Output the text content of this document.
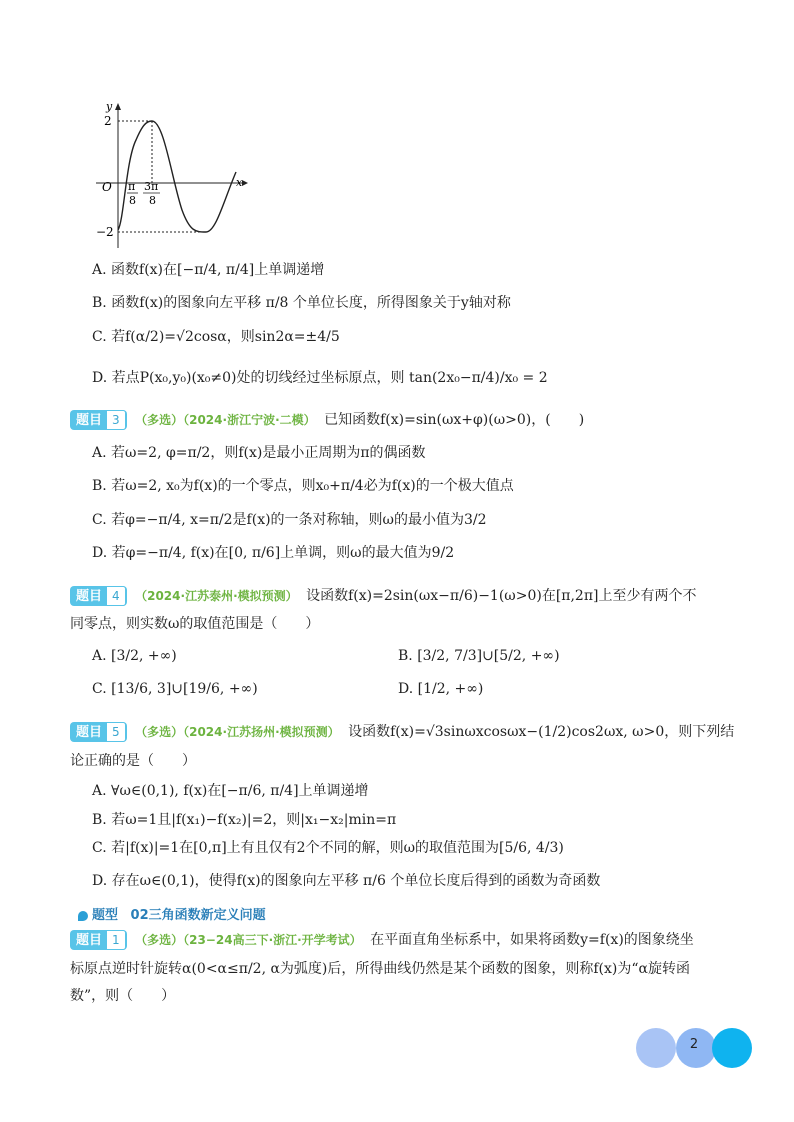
y
x
O
2
−2
π
8
3π
8
A. 函数f(x)在[−π/4, π/4]上单调递增
B. 函数f(x)的图象向左平移 π/8 个单位长度，所得图象关于y轴对称
C. 若f(α/2)=√2cosα，则sin2α=±4/5
D. 若点P(x₀,y₀)(x₀≠0)处的切线经过坐标原点，则 tan(2x₀−π/4)/x₀ = 2
题目 3 （多选）（2024·浙江宁波·二模） 已知函数f(x)=sin(ωx+φ)(ω>0)，(　　)
A. 若ω=2, φ=π/2，则f(x)是最小正周期为π的偶函数
B. 若ω=2, x₀为f(x)的一个零点，则x₀+π/4必为f(x)的一个极大值点
C. 若φ=−π/4, x=π/2是f(x)的一条对称轴，则ω的最小值为3/2
D. 若φ=−π/4, f(x)在[0, π/6]上单调，则ω的最大值为9/2
题目 4 （2024·江苏泰州·模拟预测） 设函数f(x)=2sin(ωx−π/6)−1(ω>0)在[π,2π]上至少有两个不
同零点，则实数ω的取值范围是（　　）
A. [3/2, +∞)	B. [3/2, 7/3]∪[5/2, +∞)
C. [13/6, 3]∪[19/6, +∞)	D. [1/2, +∞)
题目 5 （多选）（2024·江苏扬州·模拟预测） 设函数f(x)=√3sinωxcosωx−(1/2)cos2ωx, ω>0，则下列结
论正确的是（　　）
A. ∀ω∈(0,1), f(x)在[−π/6, π/4]上单调递增
B. 若ω=1且|f(x₁)−f(x₂)|=2，则|x₁−x₂|min=π
C. 若|f(x)|=1在[0,π]上有且仅有2个不同的解，则ω的取值范围为[5/6, 4/3)
D. 存在ω∈(0,1)，使得f(x)的图象向左平移 π/6 个单位长度后得到的函数为奇函数
题型 02三角函数新定义问题
题目 1 （多选）（23−24高三下·浙江·开学考试） 在平面直角坐标系中，如果将函数y=f(x)的图象绕坐
标原点逆时针旋转α(0<α≤π/2, α为弧度)后，所得曲线仍然是某个函数的图象，则称f(x)为“α旋转函
数”，则（　　）
2
